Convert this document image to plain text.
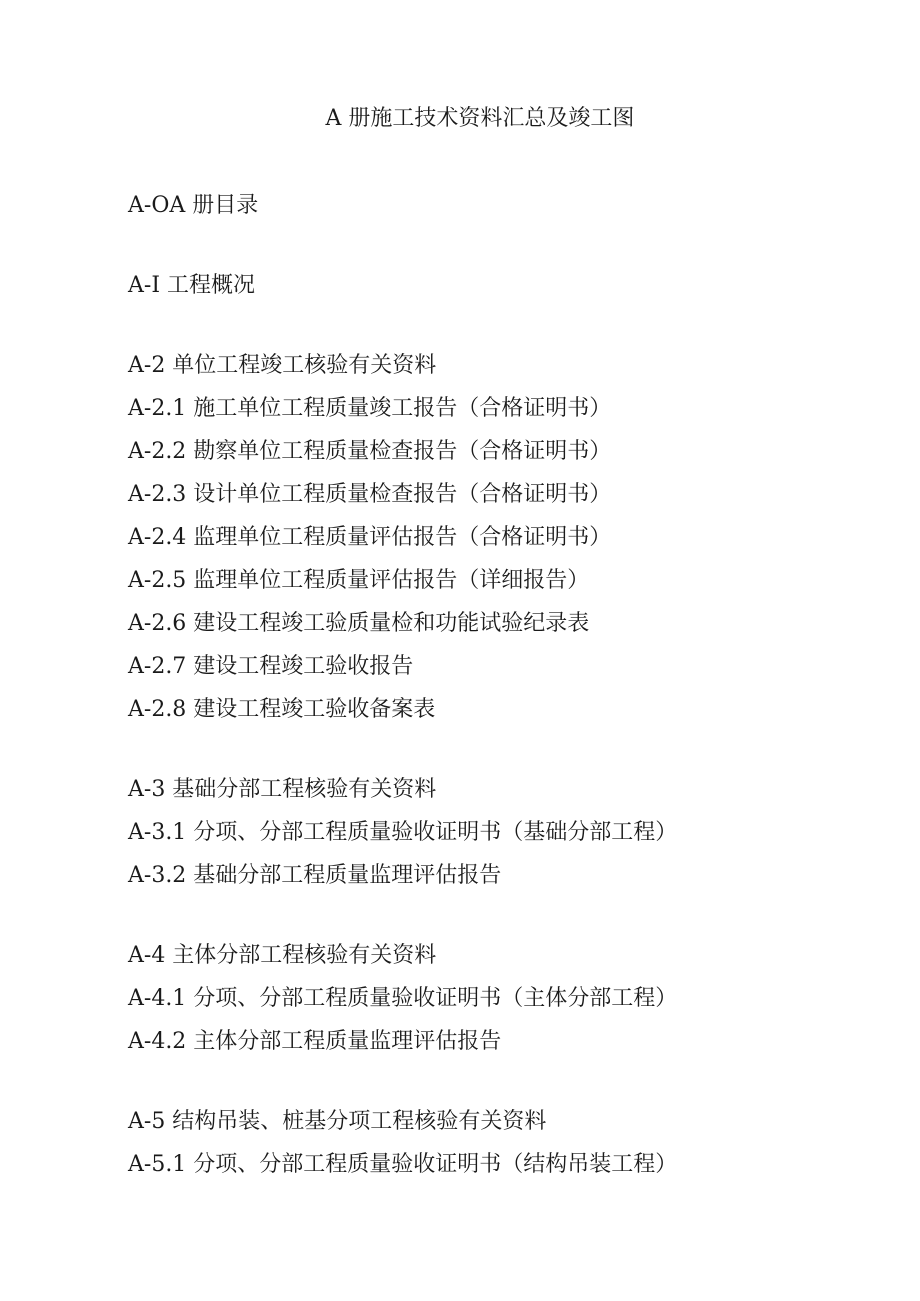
A 册施工技术资料汇总及竣工图

A-OA 册目录

A-I 工程概况

A-2 单位工程竣工核验有关资料

A-2.1 施工单位工程质量竣工报告（合格证明书）

A-2.2 勘察单位工程质量检查报告（合格证明书）

A-2.3 设计单位工程质量检查报告（合格证明书）

A-2.4 监理单位工程质量评估报告（合格证明书）

A-2.5 监理单位工程质量评估报告（详细报告）

A-2.6 建设工程竣工验质量检和功能试验纪录表

A-2.7 建设工程竣工验收报告

A-2.8 建设工程竣工验收备案表

A-3 基础分部工程核验有关资料

A-3.1 分项、分部工程质量验收证明书（基础分部工程）

A-3.2 基础分部工程质量监理评估报告

A-4 主体分部工程核验有关资料

A-4.1 分项、分部工程质量验收证明书（主体分部工程）

A-4.2 主体分部工程质量监理评估报告

A-5 结构吊装、桩基分项工程核验有关资料

A-5.1 分项、分部工程质量验收证明书（结构吊装工程）
